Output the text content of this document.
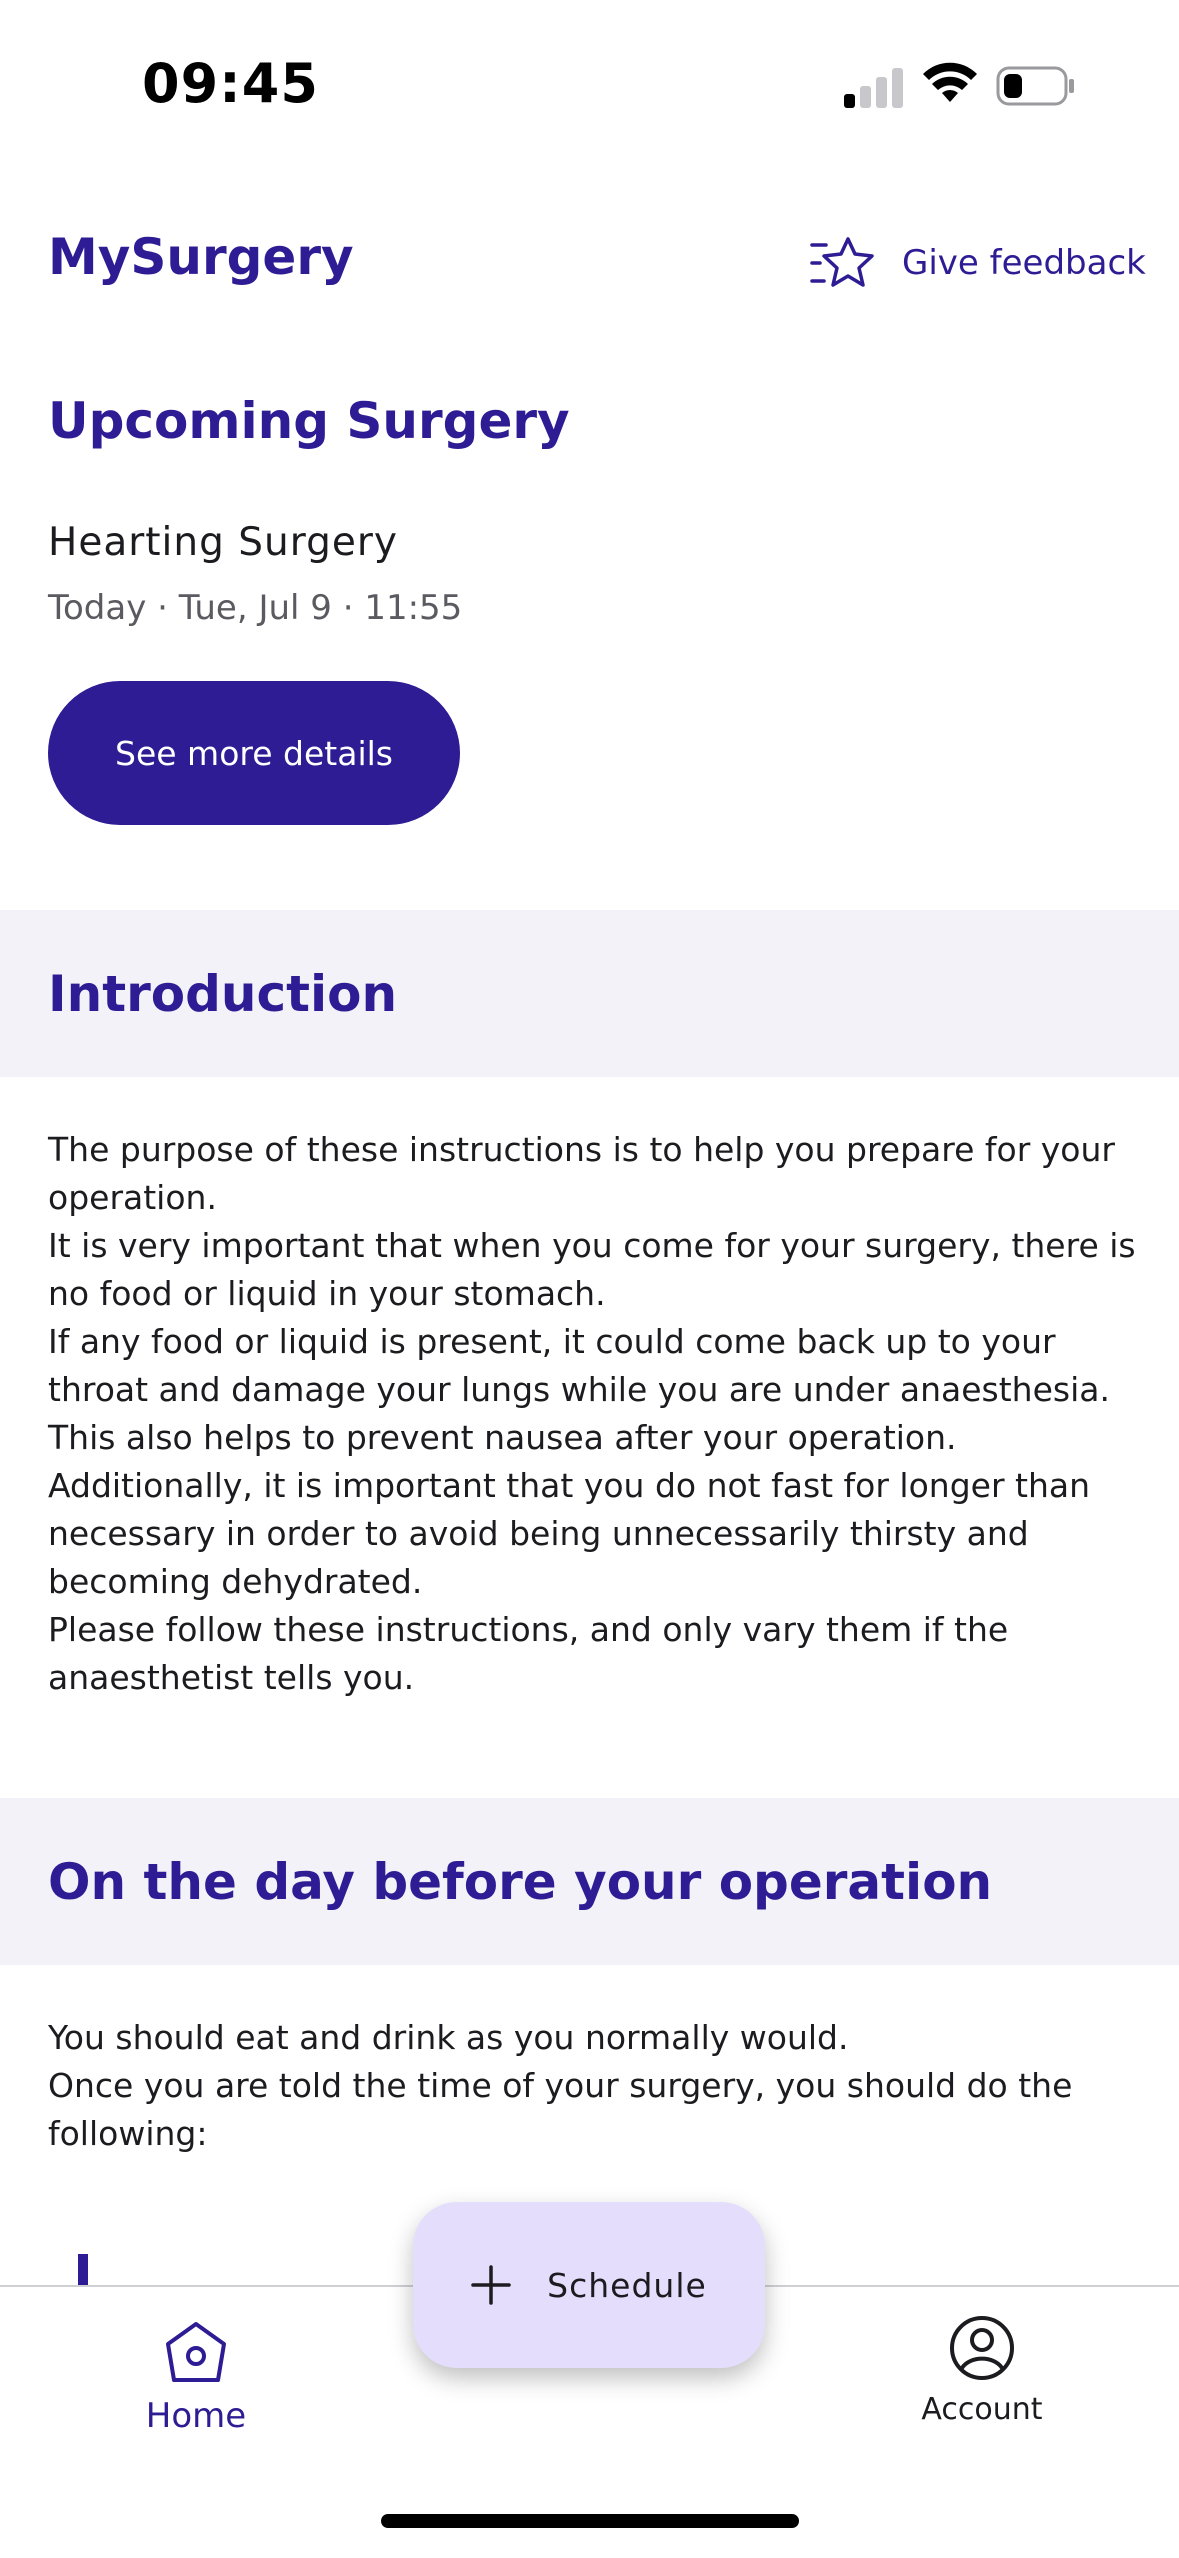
09:45
MySurgery	Give feedback
Upcoming Surgery
Hearting Surgery
Today · Tue, Jul 9 · 11:55
See more details
Introduction
The purpose of these instructions is to help you prepare for your operation.
It is very important that when you come for your surgery, there is no food or liquid in your stomach.
If any food or liquid is present, it could come back up to your throat and damage your lungs while you are under anaesthesia. This also helps to prevent nausea after your operation.
Additionally, it is important that you do not fast for longer than necessary in order to avoid being unnecessarily thirsty and becoming dehydrated.
Please follow these instructions, and only vary them if the anaesthetist tells you.
On the day before your operation
You should eat and drink as you normally would.
Once you are told the time of your surgery, you should do the following:
Home	Account
Schedule
